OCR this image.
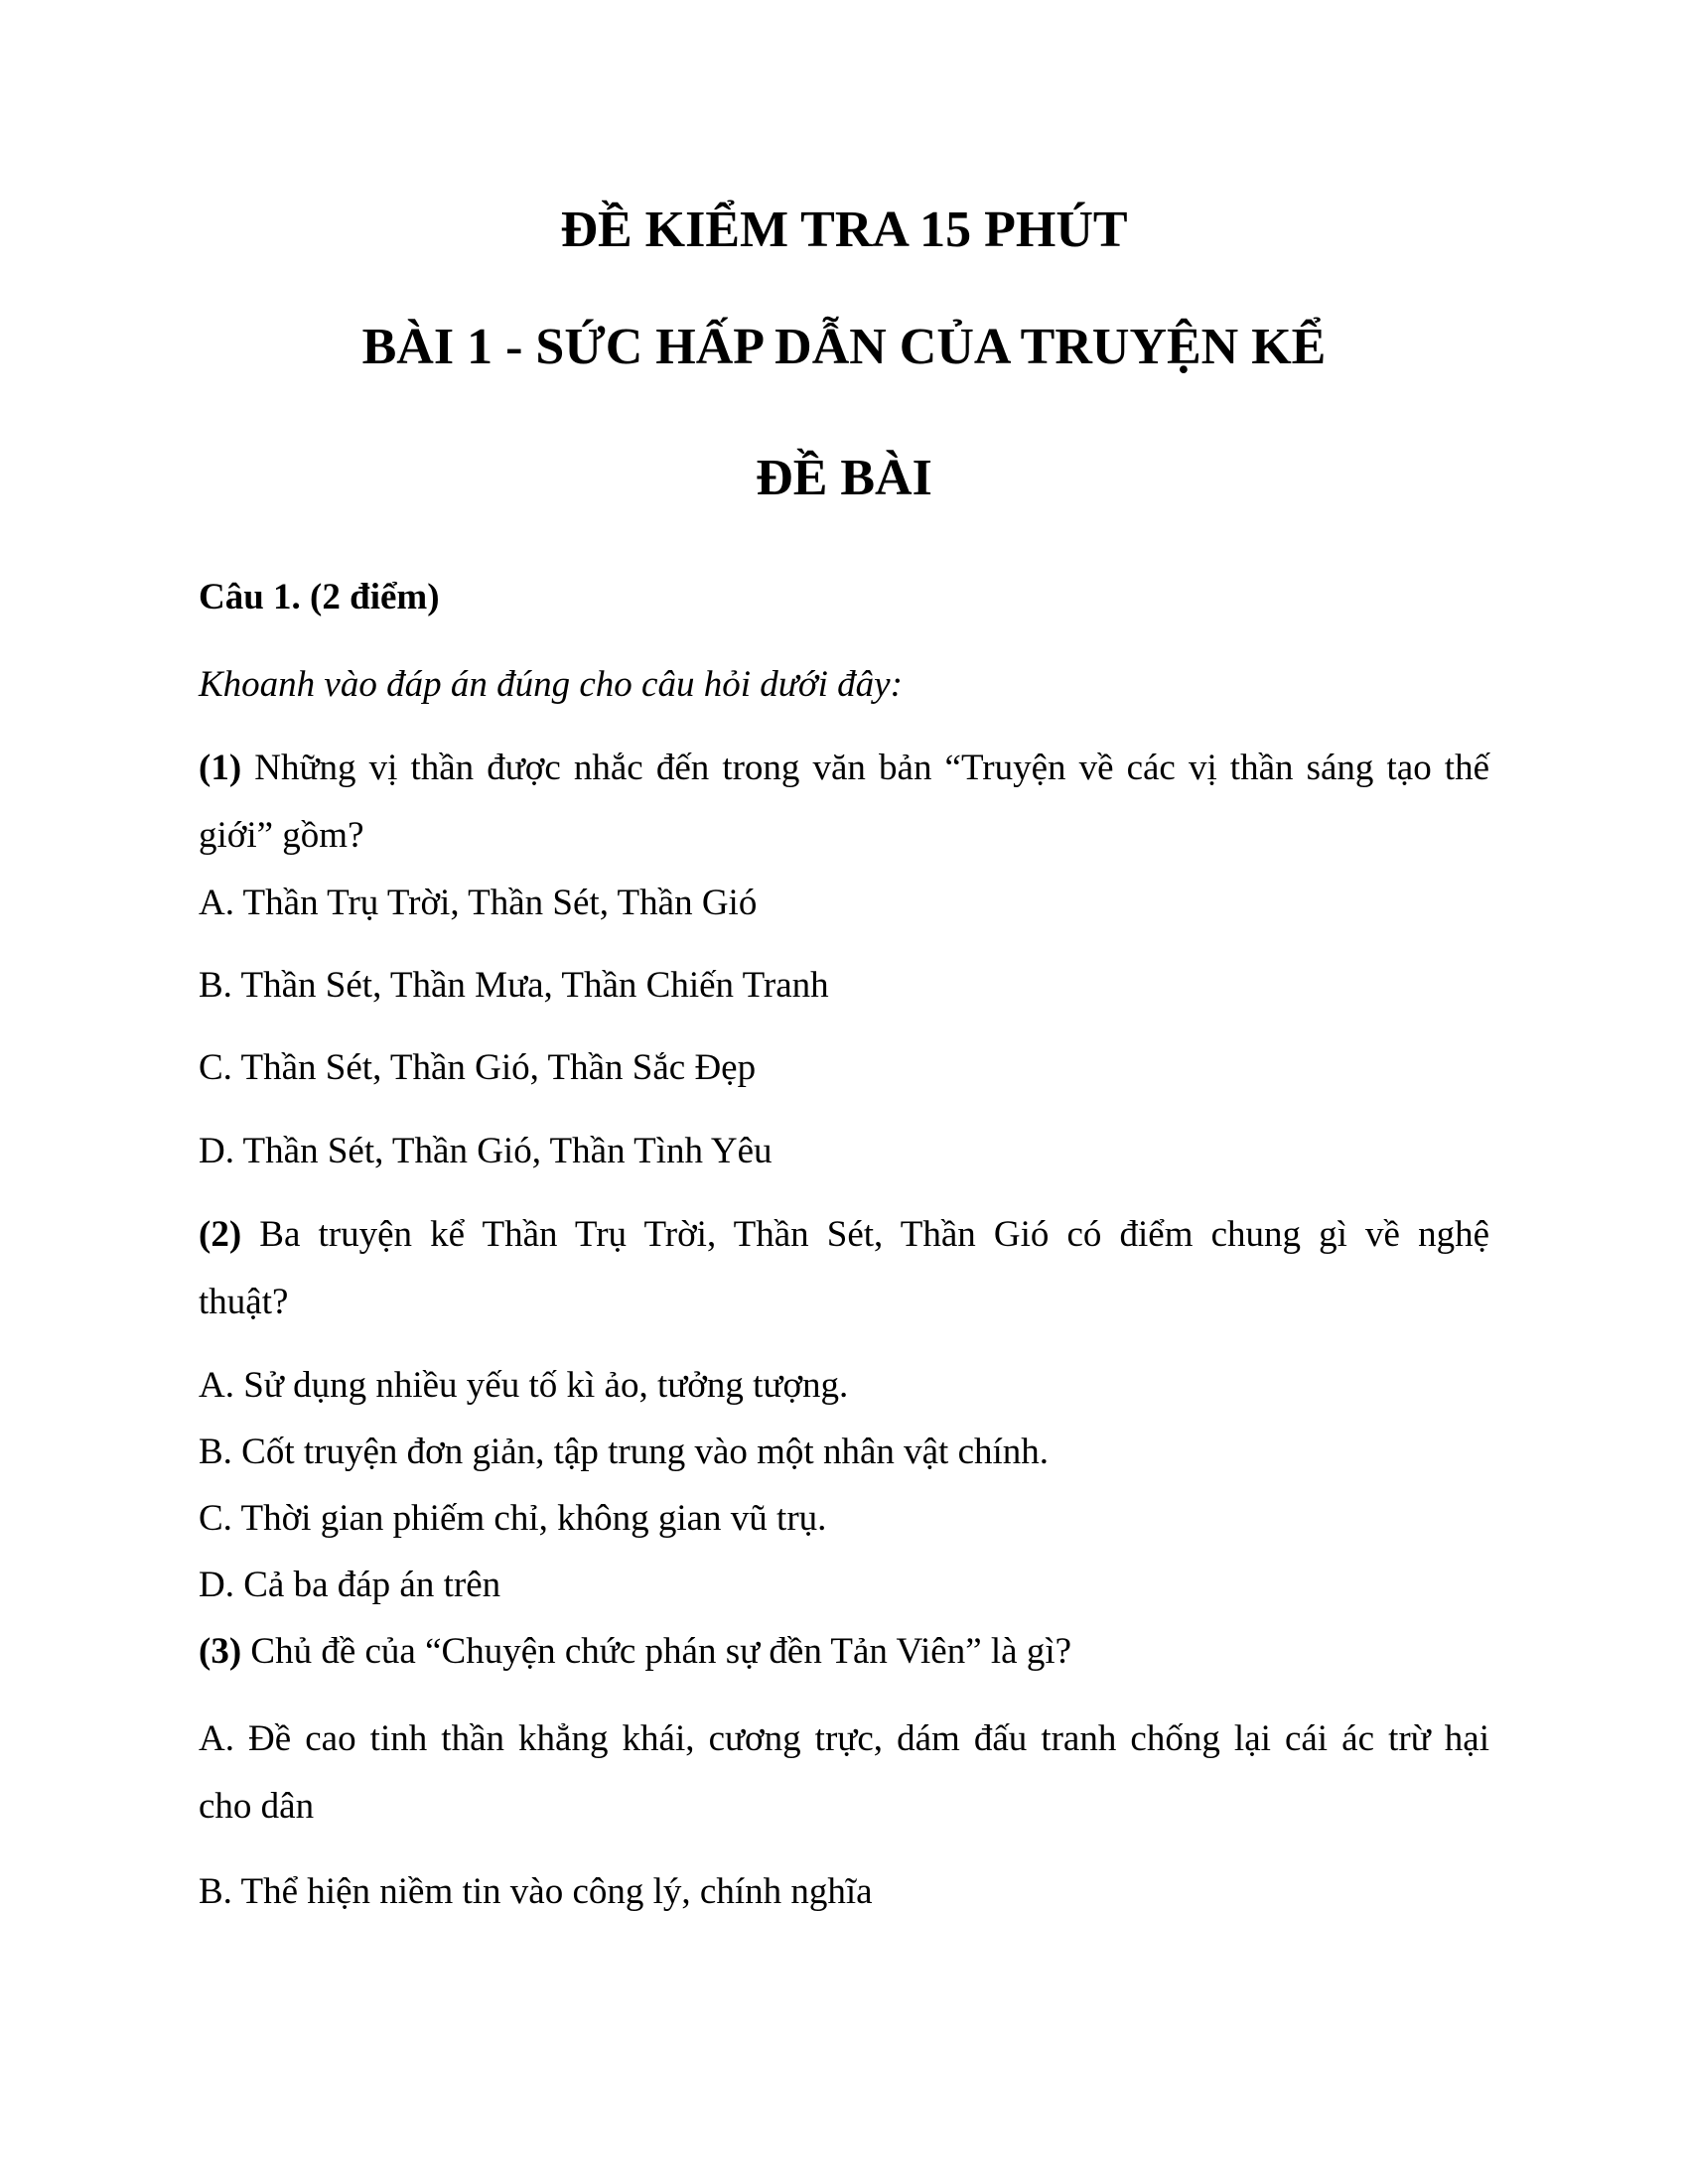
ĐỀ KIỂM TRA 15 PHÚT
BÀI 1 - SỨC HẤP DẪN CỦA TRUYỆN KỂ
ĐỀ BÀI
Câu 1. (2 điểm)
Khoanh vào đáp án đúng cho câu hỏi dưới đây:
(1) Những vị thần được nhắc đến trong văn bản “Truyện về các vị thần sáng tạo thế
giới” gồm?
A. Thần Trụ Trời, Thần Sét, Thần Gió
B. Thần Sét, Thần Mưa, Thần Chiến Tranh
C. Thần Sét, Thần Gió, Thần Sắc Đẹp
D. Thần Sét, Thần Gió, Thần Tình Yêu
(2) Ba truyện kể Thần Trụ Trời, Thần Sét, Thần Gió có điểm chung gì về nghệ
thuật?
A. Sử dụng nhiều yếu tố kì ảo, tưởng tượng.
B. Cốt truyện đơn giản, tập trung vào một nhân vật chính.
C. Thời gian phiếm chỉ, không gian vũ trụ.
D. Cả ba đáp án trên
(3) Chủ đề của “Chuyện chức phán sự đền Tản Viên” là gì?
A. Đề cao tinh thần khẳng khái, cương trực, dám đấu tranh chống lại cái ác trừ hại
cho dân
B. Thể hiện niềm tin vào công lý, chính nghĩa
